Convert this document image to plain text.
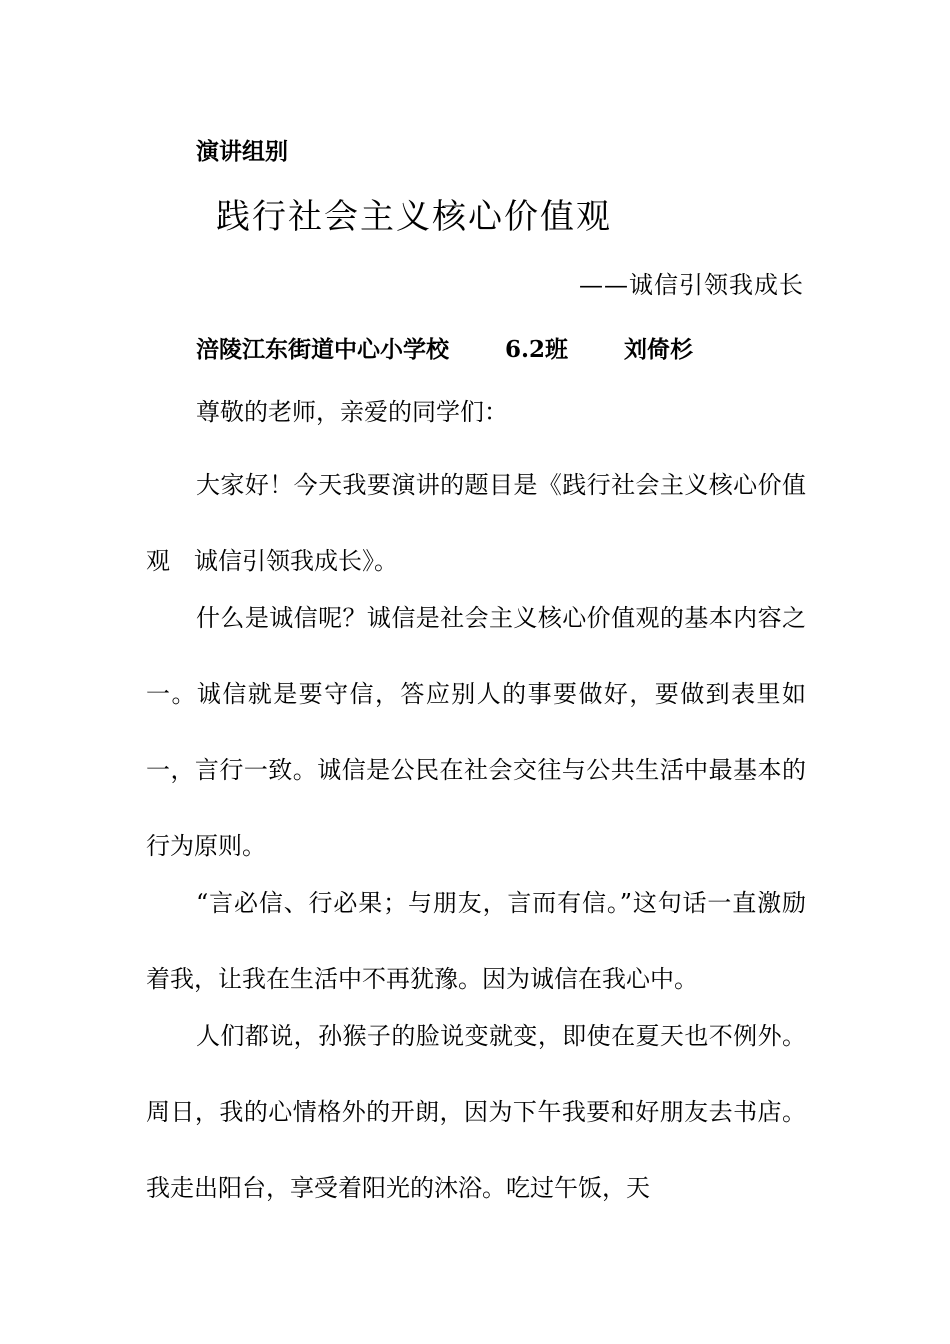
演讲组别
践行社会主义核心价值观
——诚信引领我成长
涪陵江东街道中心小学校 6.2班 刘倚杉

尊敬的老师，亲爱的同学们：

大家好！今天我要演讲的题目是《践行社会主义核心价值观　诚信引领我成长》。

什么是诚信呢？诚信是社会主义核心价值观的基本内容之一。诚信就是要守信，答应别人的事要做好，要做到表里如一，言行一致。诚信是公民在社会交往与公共生活中最基本的行为原则。

“言必信、行必果；与朋友，言而有信。”这句话一直激励着我，让我在生活中不再犹豫。因为诚信在我心中。

人们都说，孙猴子的脸说变就变，即使在夏天也不例外。周日，我的心情格外的开朗，因为下午我要和好朋友去书店。我走出阳台，享受着阳光的沐浴。吃过午饭，天
